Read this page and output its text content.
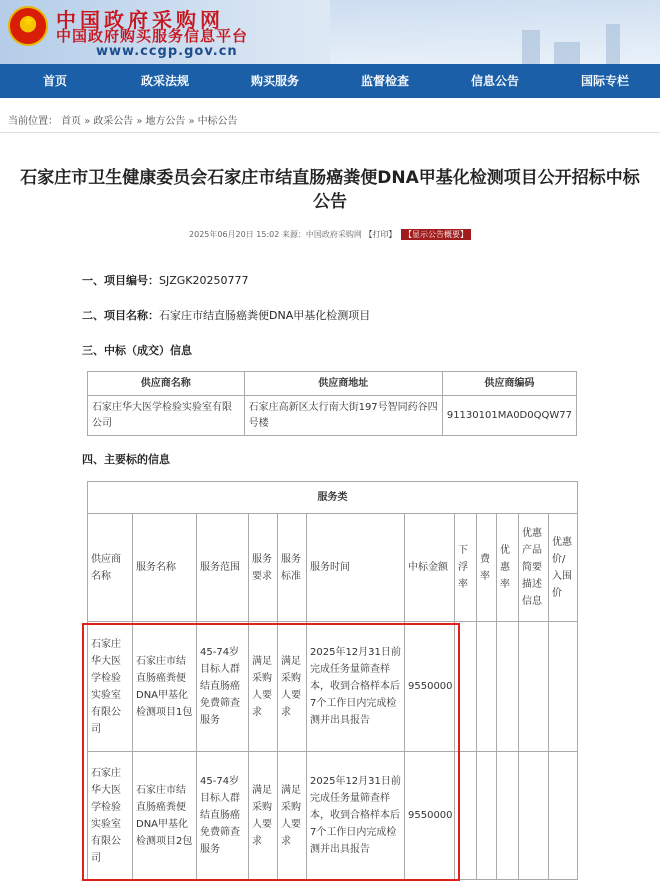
★ 中国政府采购网
中国政府购买服务信息平台
www.ccgp.gov.cn
首页	政采法规	购买服务	监督检查	信息公告	国际专栏
当前位置： 首页 » 政采公告 » 地方公告 » 中标公告
石家庄市卫生健康委员会石家庄市结直肠癌粪便DNA甲基化检测项目公开招标中标
公告
2025年06月20日 15:02 来源：中国政府采购网 【打印】 【显示公告概要】
一、项目编号：SJZGK20250777
二、项目名称：石家庄市结直肠癌粪便DNA甲基化检测项目
三、中标（成交）信息
供应商名称	供应商地址	供应商编码
石家庄华大医学检验实验室有限公司	石家庄高新区太行南大街197号智同药谷四号楼	91130101MA0D0QQW77
四、主要标的信息
服务类											
供应商名称	服务名称	服务范围	服务要求	服务标准	服务时间	中标金额	下浮率	费率	优惠率	优惠产品简要描述信息	优惠价/入围价
石家庄华大医学检验实验室有限公司	石家庄市结直肠癌粪便DNA甲基化检测项目1包	45-74岁目标人群结直肠癌免费筛查服务	满足采购人要求	满足采购人要求	2025年12月31日前完成任务量筛查样本，收到合格样本后7个工作日内完成检测并出具报告	9550000					
石家庄华大医学检验实验室有限公司	石家庄市结直肠癌粪便DNA甲基化检测项目2包	45-74岁目标人群结直肠癌免费筛查服务	满足采购人要求	满足采购人要求	2025年12月31日前完成任务量筛查样本，收到合格样本后7个工作日内完成检测并出具报告	9550000					
